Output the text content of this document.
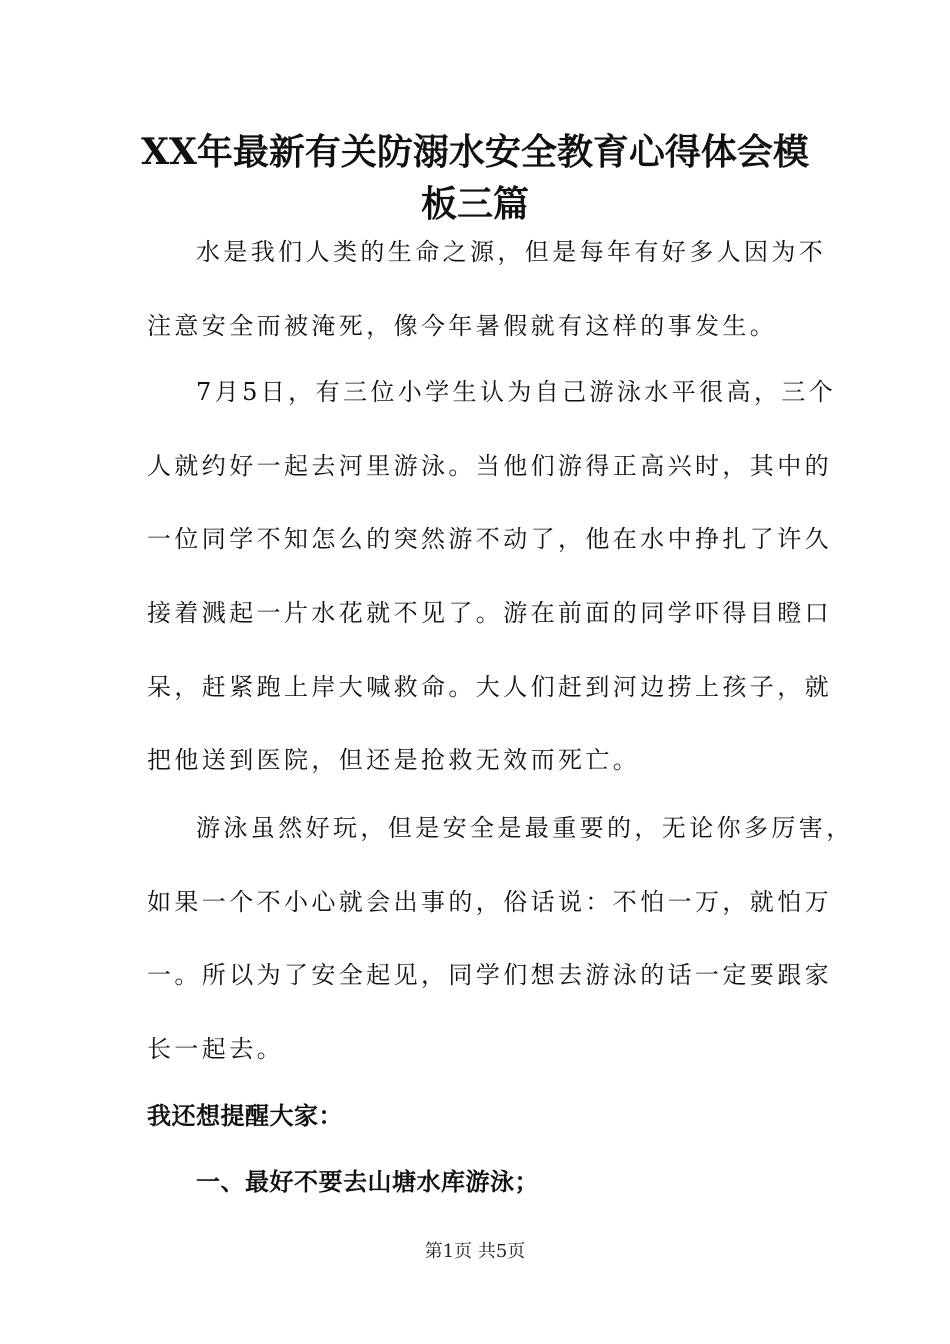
XX年最新有关防溺水安全教育心得体会模
板三篇

水是我们人类的生命之源，但是每年有好多人因为不

注意安全而被淹死，像今年暑假就有这样的事发生。

7月5日，有三位小学生认为自己游泳水平很高，三个

人就约好一起去河里游泳。当他们游得正高兴时，其中的

一位同学不知怎么的突然游不动了，他在水中挣扎了许久

接着溅起一片水花就不见了。游在前面的同学吓得目瞪口

呆，赶紧跑上岸大喊救命。大人们赶到河边捞上孩子，就

把他送到医院，但还是抢救无效而死亡。

游泳虽然好玩，但是安全是最重要的，无论你多厉害，

如果一个不小心就会出事的，俗话说：不怕一万，就怕万

一。所以为了安全起见，同学们想去游泳的话一定要跟家

长一起去。

我还想提醒大家：

一、最好不要去山塘水库游泳；

第1页 共5页
